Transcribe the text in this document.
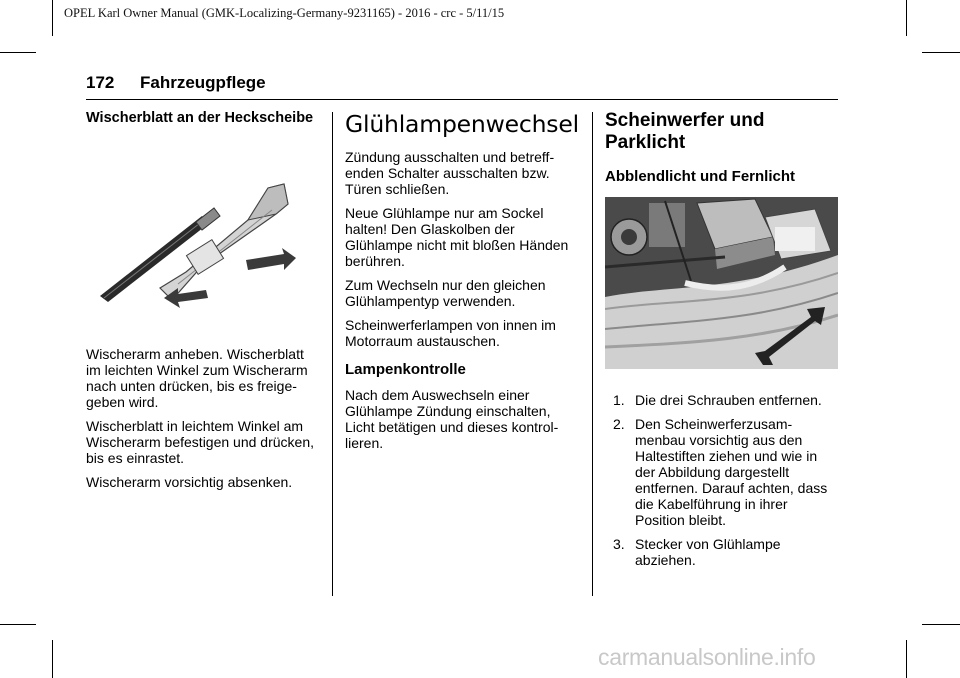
OPEL Karl Owner Manual (GMK-Localizing-Germany-9231165) - 2016 - crc - 5/11/15
172 Fahrzeugpflege
Wischerblatt an der Heckscheibe

Wischerarm anheben. Wischerblatt im leichten Winkel zum Wischerarm nach unten drücken, bis es freige- geben wird.

Wischerblatt in leichtem Winkel am Wischerarm befestigen und drücken, bis es einrastet.

Wischerarm vorsichtig absenken.

Glühlampenwechsel

Zündung ausschalten und betreff- enden Schalter ausschalten bzw. Türen schließen.

Neue Glühlampe nur am Sockel halten! Den Glaskolben der Glühlampe nicht mit bloßen Händen berühren.

Zum Wechseln nur den gleichen Glühlampentyp verwenden.

Scheinwerferlampen von innen im Motorraum austauschen.

Lampenkontrolle

Nach dem Auswechseln einer Glühlampe Zündung einschalten, Licht betätigen und dieses kontrol- lieren.

Scheinwerfer und Parklicht
Abblendlicht und Fernlicht
1. Die drei Schrauben entfernen.
2. Den Scheinwerferzusam- menbau vorsichtig aus den Haltestiften ziehen und wie in der Abbildung dargestellt entfernen. Darauf achten, dass die Kabelführung in ihrer Position bleibt.
3. Stecker von Glühlampe abziehen.
carmanualsonline.info
